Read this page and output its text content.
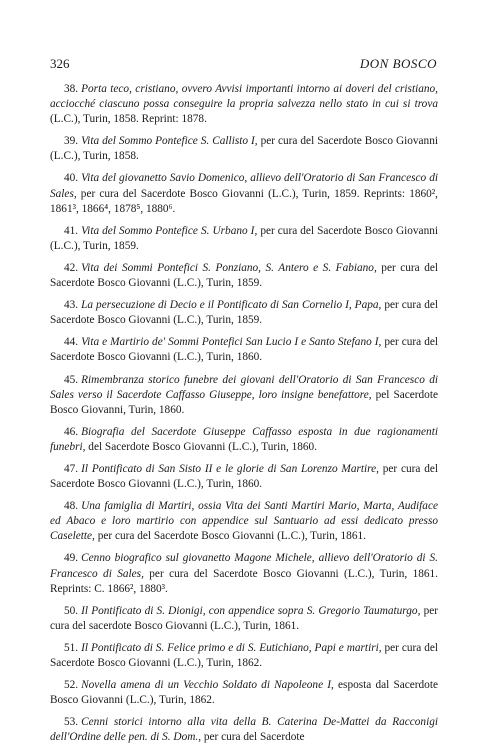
326	DON BOSCO

38. Porta teco, cristiano, ovvero Avvisi importanti intorno ai doveri del cristiano, acciocché ciascuno possa conseguire la propria salvezza nello stato in cui si trova (L.C.), Turin, 1858. Reprint: 1878.

39. Vita del Sommo Pontefice S. Callisto I, per cura del Sacerdote Bosco Giovanni (L.C.), Turin, 1858.

40. Vita del giovanetto Savio Domenico, allievo dell'Oratorio di San Francesco di Sales, per cura del Sacerdote Bosco Giovanni (L.C.), Turin, 1859. Reprints: 1860², 1861³, 1866⁴, 1878⁵, 1880⁶.

41. Vita del Sommo Pontefice S. Urbano I, per cura del Sacerdote Bosco Giovanni (L.C.), Turin, 1859.

42. Vita dei Sommi Pontefici S. Ponziano, S. Antero e S. Fabiano, per cura del Sacerdote Bosco Giovanni (L.C.), Turin, 1859.

43. La persecuzione di Decio e il Pontificato di San Cornelio I, Papa, per cura del Sacerdote Bosco Giovanni (L.C.), Turin, 1859.

44. Vita e Martirio de' Sommi Pontefici San Lucio I e Santo Stefano I, per cura del Sacerdote Bosco Giovanni (L.C.), Turin, 1860.

45. Rimembranza storico funebre dei giovani dell'Oratorio di San Francesco di Sales verso il Sacerdote Caffasso Giuseppe, loro insigne benefattore, pel Sacerdote Bosco Giovanni, Turin, 1860.

46. Biografia del Sacerdote Giuseppe Caffasso esposta in due ragionamenti funebri, del Sacerdote Bosco Giovanni (L.C.), Turin, 1860.

47. Il Pontificato di San Sisto II e le glorie di San Lorenzo Martire, per cura del Sacerdote Bosco Giovanni (L.C.), Turin, 1860.

48. Una famiglia di Martiri, ossia Vita dei Santi Martiri Mario, Marta, Audiface ed Abaco e loro martirio con appendice sul Santuario ad essi dedicato presso Caselette, per cura del Sacerdote Bosco Giovanni (L.C.), Turin, 1861.

49. Cenno biografico sul giovanetto Magone Michele, allievo dell'Oratorio di S. Francesco di Sales, per cura del Sacerdote Bosco Giovanni (L.C.), Turin, 1861. Reprints: C. 1866², 1880³.

50. Il Pontificato di S. Dionigi, con appendice sopra S. Gregorio Taumaturgo, per cura del sacerdote Bosco Giovanni (L.C.), Turin, 1861.

51. Il Pontificato di S. Felice primo e di S. Eutichiano, Papi e martiri, per cura del Sacerdote Bosco Giovanni (L.C.), Turin, 1862.

52. Novella amena di un Vecchio Soldato di Napoleone I, esposta dal Sacerdote Bosco Giovanni (L.C.), Turin, 1862.

53. Cenni storici intorno alla vita della B. Caterina De-Mattei da Racconigi dell'Ordine delle pen. di S. Dom., per cura del Sacerdote
